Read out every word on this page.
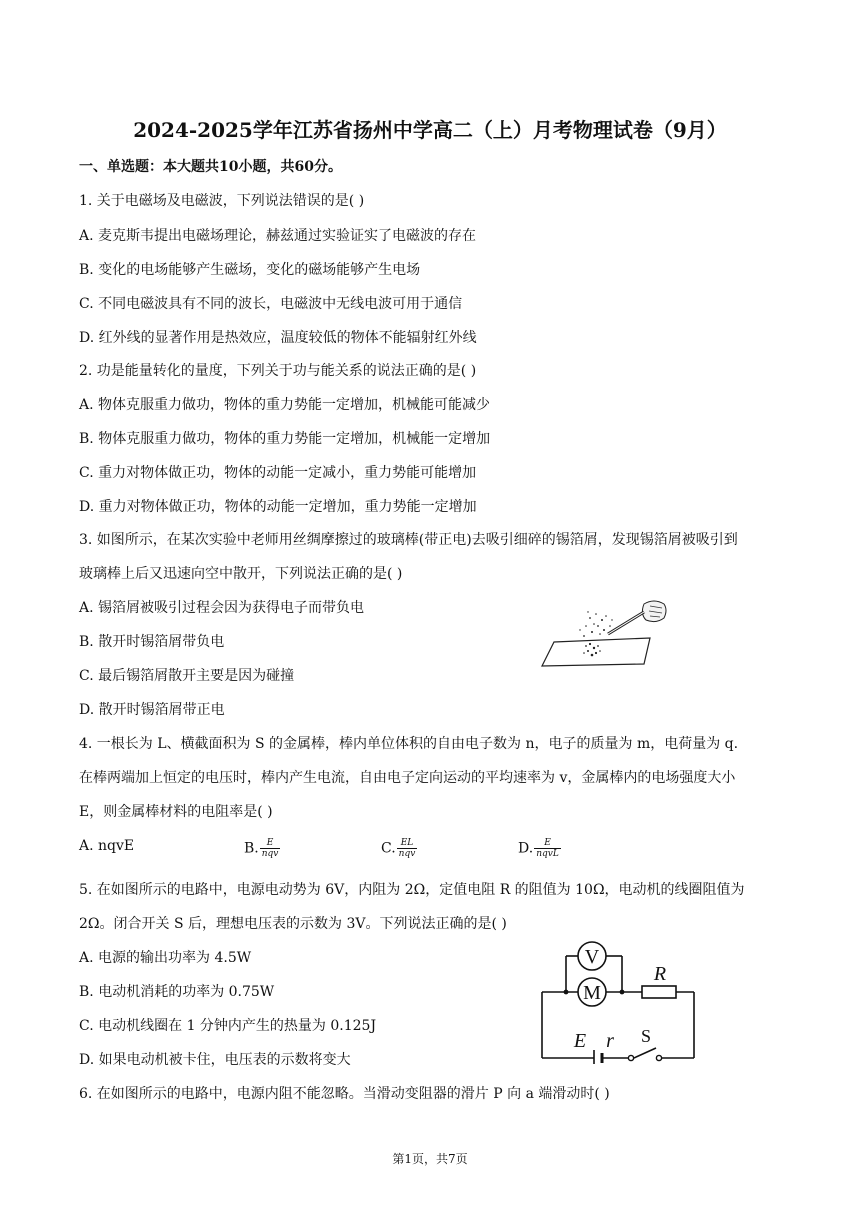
2024-2025学年江苏省扬州中学高二（上）月考物理试卷（9月）
一、单选题：本大题共10小题，共60分。
1. 关于电磁场及电磁波，下列说法错误的是( )
A. 麦克斯韦提出电磁场理论，赫兹通过实验证实了电磁波的存在
B. 变化的电场能够产生磁场，变化的磁场能够产生电场
C. 不同电磁波具有不同的波长，电磁波中无线电波可用于通信
D. 红外线的显著作用是热效应，温度较低的物体不能辐射红外线
2. 功是能量转化的量度，下列关于功与能关系的说法正确的是( )
A. 物体克服重力做功，物体的重力势能一定增加，机械能可能减少
B. 物体克服重力做功，物体的重力势能一定增加，机械能一定增加
C. 重力对物体做正功，物体的动能一定减小，重力势能可能增加
D. 重力对物体做正功，物体的动能一定增加，重力势能一定增加
3. 如图所示，在某次实验中老师用丝绸摩擦过的玻璃棒(带正电)去吸引细碎的锡箔屑，发现锡箔屑被吸引到
玻璃棒上后又迅速向空中散开，下列说法正确的是( )
A. 锡箔屑被吸引过程会因为获得电子而带负电
B. 散开时锡箔屑带负电
C. 最后锡箔屑散开主要是因为碰撞
D. 散开时锡箔屑带正电
4. 一根长为 L、横截面积为 S 的金属棒，棒内单位体积的自由电子数为 n，电子的质量为 m，电荷量为 q.
在棒两端加上恒定的电压时，棒内产生电流，自由电子定向运动的平均速率为 v，金属棒内的电场强度大小
E，则金属棒材料的电阻率是( )
5. 在如图所示的电路中，电源电动势为 6V，内阻为 2Ω，定值电阻 R 的阻值为 10Ω，电动机的线圈阻值为
2Ω。闭合开关 S 后，理想电压表的示数为 3V。下列说法正确的是( )
A. 电源的输出功率为 4.5W
B. 电动机消耗的功率为 0.75W
C. 电动机线圈在 1 分钟内产生的热量为 0.125J
D. 如果电动机被卡住，电压表的示数将变大
6. 在如图所示的电路中，电源内阻不能忽略。当滑动变阻器的滑片 P 向 a 端滑动时( )
A. nqvE	B. $\frac{E}{\text{nqv}}$	C. $\frac{EL}{\text{nqv}}$	D. $\frac{E}{\text{nqvL}}$
V
M
R
E r S
第1页，共7页
